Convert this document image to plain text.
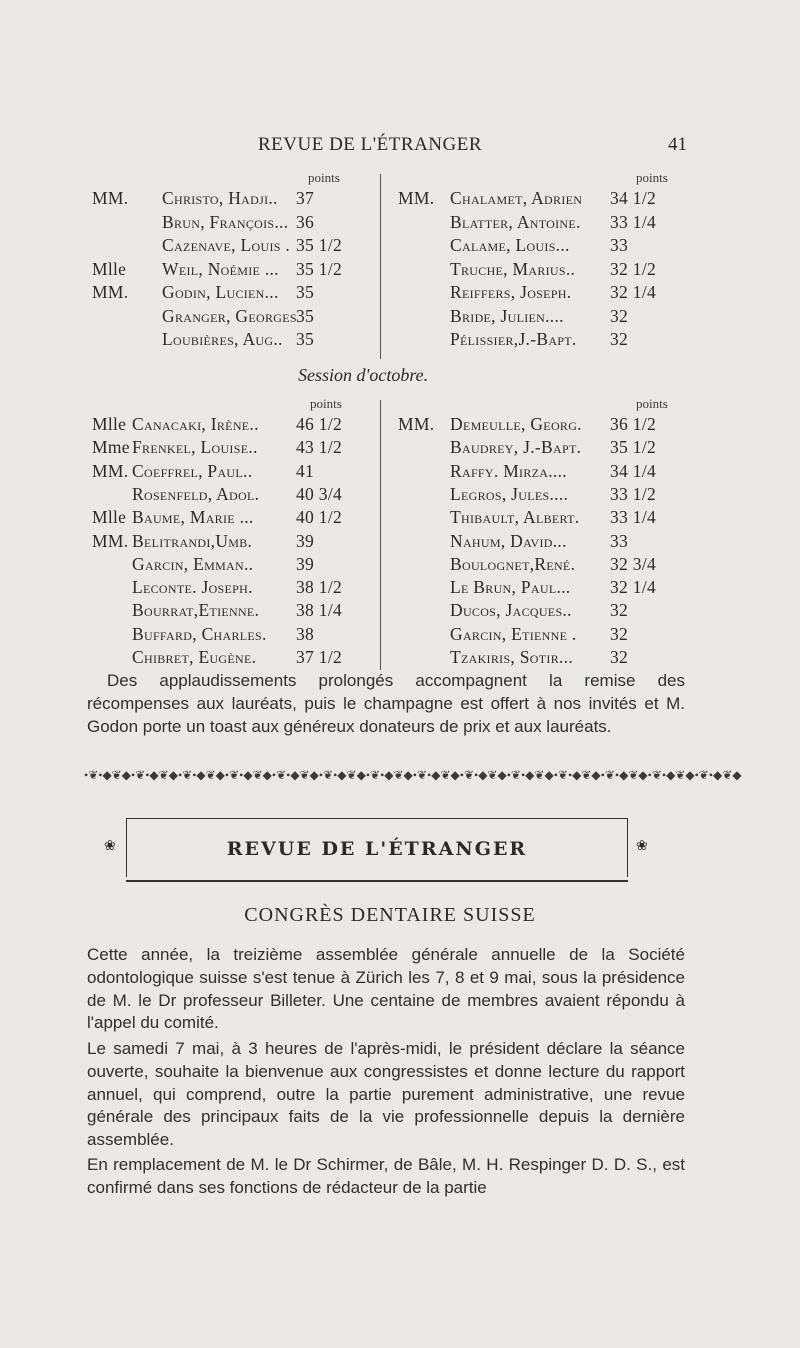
REVUE DE L'ÉTRANGER	41
points	points
MM. Christo, Hadji.. 37
Brun, François... 36
Cazenave, Louis . 35 1/2
Mlle Weil, Noémie ... 35 1/2
MM. Godin, Lucien... 35
Granger, Georges 35
Loubières, Aug.. 35
MM. Chalamet, Adrien 34 1/2
Blatter, Antoine. 33 1/4
Calame, Louis... 33
Truche, Marius.. 32 1/2
Reiffers, Joseph. 32 1/4
Bride, Julien....	32
Pélissier,J.-Bapt. 32
Session d'octobre.
points	points
Mlle Canacaki, Irène.. 46 1/2
Mme Frenkel, Louise.. 43 1/2
MM. Coeffrel, Paul.. 41
Rosenfeld, Adol. 40 3/4
Mlle Baume, Marie ... 40 1/2
MM. Belitrandi,Umb.	39
Garcin, Emman.. 39
Leconte. Joseph. 38 1/2
Bourrat,Etienne. 38 1/4
Buffard, Charles. 38
Chibret, Eugène. 37 1/2
MM. Demeulle, Georg. 36 1/2
Baudrey, J.-Bapt. 35 1/2
Raffy. Mirza.... 34 1/4
Legros, Jules.... 33 1/2
Thibault, Albert. 33 1/4
Nahum, David... 33
Boulognet,René. 32 3/4
Le Brun, Paul... 32 1/4
Ducos, Jacques.. 32
Garcin, Etienne . 32
Tzakiris, Sotir... 32
Des applaudissements prolongés accompagnent la remise des récompenses aux lauréats, puis le champagne est offert à nos invités et M. Godon porte un toast aux généreux donateurs de prix et aux lauréats.
•❦•◆❦◆•❦•◆❦◆•❦•◆❦◆•❦•◆❦◆•❦•◆❦◆•❦•◆❦◆•❦•◆❦◆•❦•◆❦◆•❦•◆❦◆•❦•◆❦◆•❦•◆❦◆•❦•◆❦◆•❦•◆❦◆•❦•◆❦◆
❀	REVUE DE L'ÉTRANGER	❀
CONGRÈS DENTAIRE SUISSE
Cette année, la treizième assemblée générale annuelle de la Société odontologique suisse s'est tenue à Zürich les 7, 8 et 9 mai, sous la présidence de M. le Dr professeur Billeter. Une centaine de membres avaient répondu à l'appel du comité.
Le samedi 7 mai, à 3 heures de l'après-midi, le président déclare la séance ouverte, souhaite la bienvenue aux congressistes et donne lecture du rapport annuel, qui comprend, outre la partie purement administrative, une revue générale des principaux faits de la vie professionnelle depuis la dernière assemblée.
En remplacement de M. le Dr Schirmer, de Bâle, M. H. Respinger D. D. S., est confirmé dans ses fonctions de rédacteur de la partie
